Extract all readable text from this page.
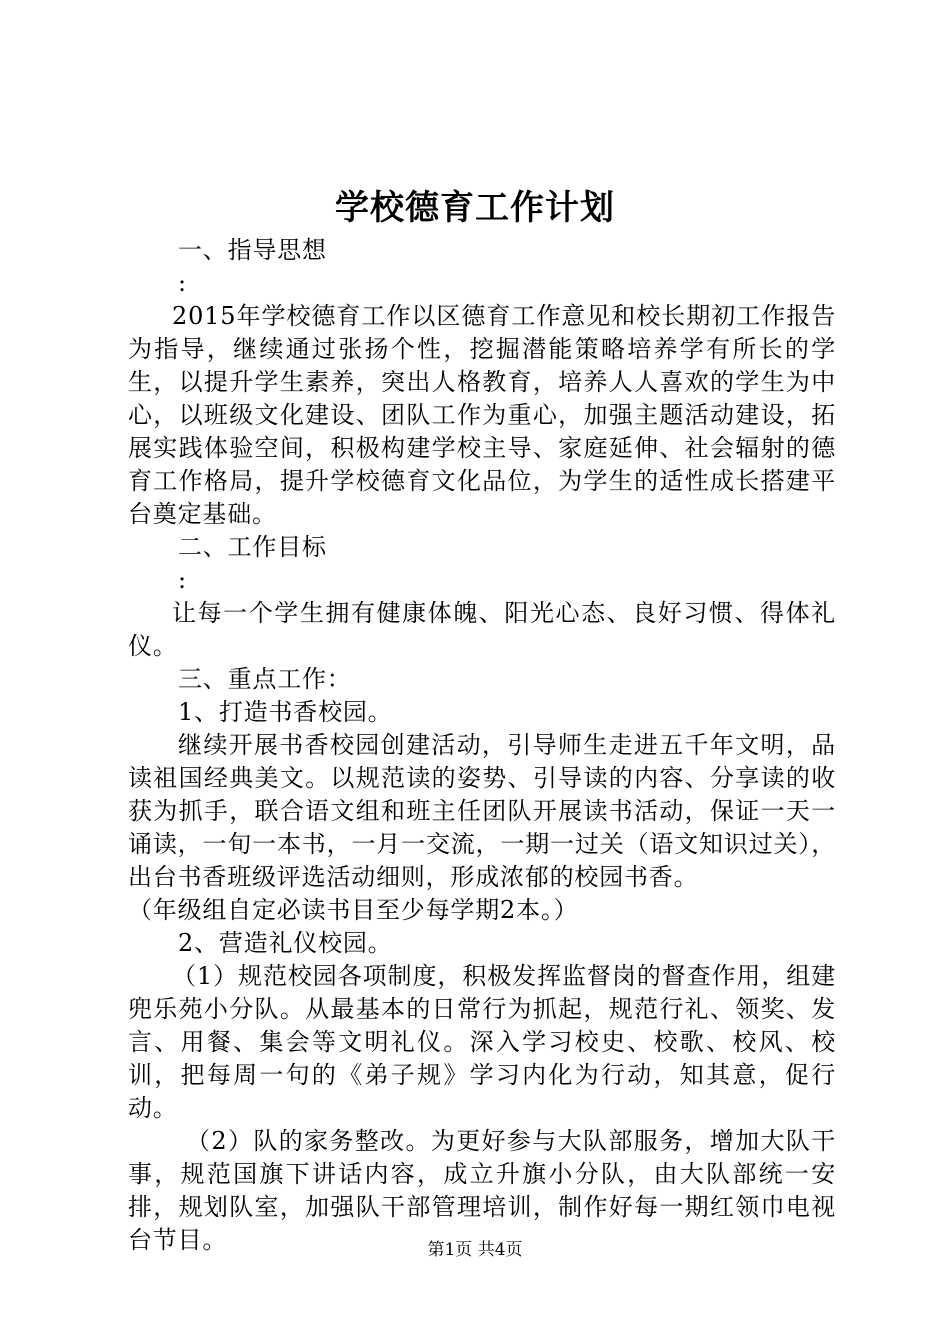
学校德育工作计划

一、指导思想

:

2015年学校德育工作以区德育工作意见和校长期初工作报告为指导，继续通过张扬个性，挖掘潜能策略培养学有所长的学生，以提升学生素养，突出人格教育，培养人人喜欢的学生为中心，以班级文化建设、团队工作为重心，加强主题活动建设，拓展实践体验空间，积极构建学校主导、家庭延伸、社会辐射的德育工作格局，提升学校德育文化品位，为学生的适性成长搭建平台奠定基础。

二、工作目标

:

让每一个学生拥有健康体魄、阳光心态、良好习惯、得体礼仪。

三、重点工作：

1、打造书香校园。

继续开展书香校园创建活动，引导师生走进五千年文明，品读祖国经典美文。以规范读的姿势、引导读的内容、分享读的收获为抓手，联合语文组和班主任团队开展读书活动，保证一天一诵读，一旬一本书，一月一交流，一期一过关（语文知识过关），出台书香班级评选活动细则，形成浓郁的校园书香。

（年级组自定必读书目至少每学期2本。）

2、营造礼仪校园。

（1）规范校园各项制度，积极发挥监督岗的督查作用，组建兜乐苑小分队。从最基本的日常行为抓起，规范行礼、领奖、发言、用餐、集会等文明礼仪。深入学习校史、校歌、校风、校训，把每周一句的《弟子规》学习内化为行动，知其意，促行动。

（2）队的家务整改。为更好参与大队部服务，增加大队干事，规范国旗下讲话内容，成立升旗小分队，由大队部统一安排，规划队室，加强队干部管理培训，制作好每一期红领巾电视台节目。	第1页 共4页
